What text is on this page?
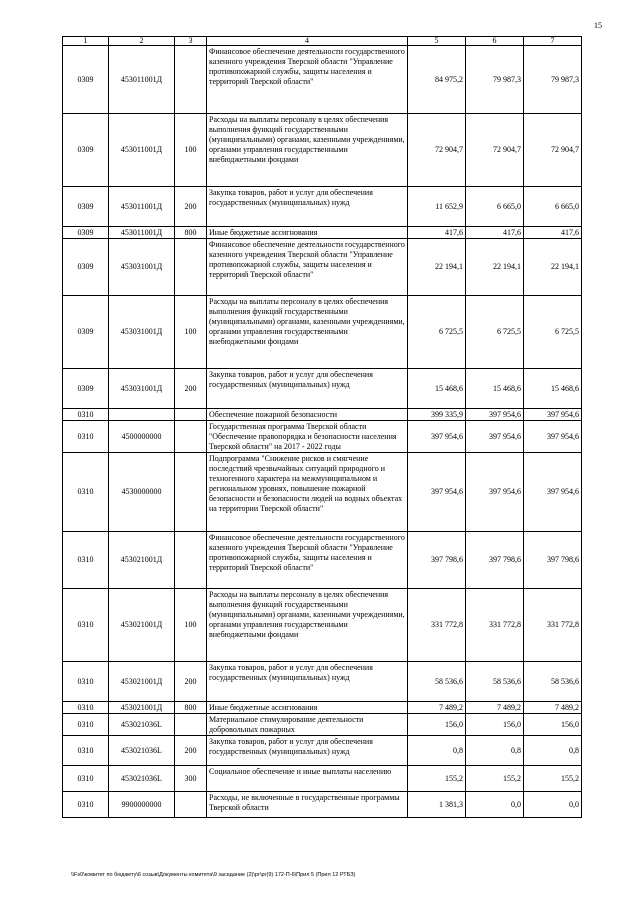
15
1	2	3	4	5	6	7
0309	453011001Д		Финансовое обеспечение деятельности государственного казенного учреждения Тверской области "Управление противопожарной службы, защиты населения и территорий Тверской области"	84 975,2	79 987,3	79 987,3
0309	453011001Д	100	Расходы на выплаты персоналу в целях обеспечения выполнения функций государственными (муниципальными) органами, казенными учреждениями, органами управления государственными внебюджетными фондами	72 904,7	72 904,7	72 904,7
0309	453011001Д	200	Закупка товаров, работ и услуг для обеспечения государственных (муниципальных) нужд	11 652,9	6 665,0	6 665,0
0309	453011001Д	800	Иные бюджетные ассигнования	417,6	417,6	417,6
0309	453031001Д		Финансовое обеспечение деятельности государственного казенного учреждения Тверской области "Управление противопожарной службы, защиты населения и территорий Тверской области"	22 194,1	22 194,1	22 194,1
0309	453031001Д	100	Расходы на выплаты персоналу в целях обеспечения выполнения функций государственными (муниципальными) органами, казенными учреждениями, органами управления государственными внебюджетными фондами	6 725,5	6 725,5	6 725,5
0309	453031001Д	200	Закупка товаров, работ и услуг для обеспечения государственных (муниципальных) нужд	15 468,6	15 468,6	15 468,6
0310			Обеспечение пожарной безопасности	399 335,9	397 954,6	397 954,6
0310	4500000000		Государственная программа Тверской области "Обеспечение правопорядка и безопасности населения Тверской области" на 2017 - 2022 годы	397 954,6	397 954,6	397 954,6
0310	4530000000		Подпрограмма "Снижение рисков и смягчение последствий чрезвычайных ситуаций природного и техногенного характера на межмуниципальном и региональном уровнях, повышение пожарной безопасности и безопасности людей на водных объектах на территории Тверской области"	397 954,6	397 954,6	397 954,6
0310	453021001Д		Финансовое обеспечение деятельности государственного казенного учреждения Тверской области "Управление противопожарной службы, защиты населения и территорий Тверской области"	397 798,6	397 798,6	397 798,6
0310	453021001Д	100	Расходы на выплаты персоналу в целях обеспечения выполнения функций государственными (муниципальными) органами, казенными учреждениями, органами управления государственными внебюджетными фондами	331 772,8	331 772,8	331 772,8
0310	453021001Д	200	Закупка товаров, работ и услуг для обеспечения государственных (муниципальных) нужд	58 536,6	58 536,6	58 536,6
0310	453021001Д	800	Иные бюджетные ассигнования	7 489,2	7 489,2	7 489,2
0310	453021036L		Материальное стимулирование деятельности добровольных пожарных	156,0	156,0	156,0
0310	453021036L	200	Закупка товаров, работ и услуг для обеспечения государственных (муниципальных) нужд	0,8	0,8	0,8
0310	453021036L	300	Социальное обеспечение и иные выплаты населению	155,2	155,2	155,2
0310	9900000000		Расходы, не включенные в государственные программы Тверской области	1 381,3	0,0	0,0
\\Fs0\комитет по бюджету\6 созыв\Документы комитета\9 заседание (2)\рг\рг(9) 172-П-6\Прил 5 (Прил 12 РТБЗ)
